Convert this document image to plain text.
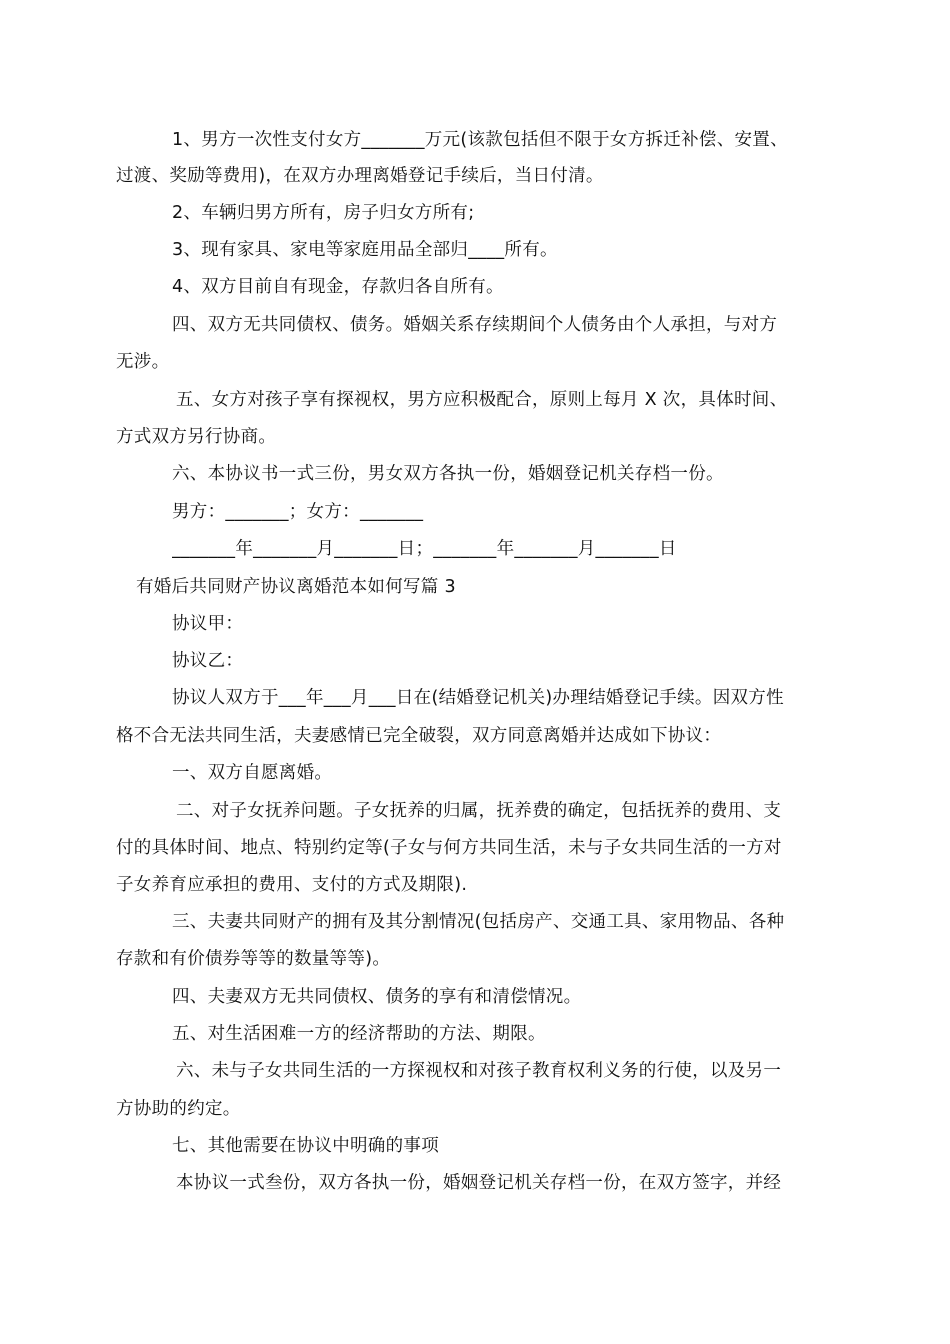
1、男方一次性支付女方_______万元(该款包括但不限于女方拆迁补偿、安置、
过渡、奖励等费用)，在双方办理离婚登记手续后，当日付清。
2、车辆归男方所有，房子归女方所有;
3、现有家具、家电等家庭用品全部归____所有。
4、双方目前自有现金，存款归各自所有。
四、双方无共同债权、债务。婚姻关系存续期间个人债务由个人承担，与对方
无涉。
五、女方对孩子享有探视权，男方应积极配合，原则上每月 X 次，具体时间、
方式双方另行协商。
六、本协议书一式三份，男女双方各执一份，婚姻登记机关存档一份。
男方：_______；女方：_______
_______年_______月_______日；_______年_______月_______日
有婚后共同财产协议离婚范本如何写篇 3
协议甲：
协议乙：
协议人双方于___年___月___日在(结婚登记机关)办理结婚登记手续。因双方性
格不合无法共同生活，夫妻感情已完全破裂，双方同意离婚并达成如下协议：
一、双方自愿离婚。
二、对子女抚养问题。子女抚养的归属，抚养费的确定，包括抚养的费用、支
付的具体时间、地点、特别约定等(子女与何方共同生活，未与子女共同生活的一方对
子女养育应承担的费用、支付的方式及期限).
三、夫妻共同财产的拥有及其分割情况(包括房产、交通工具、家用物品、各种
存款和有价债券等等的数量等等)。
四、夫妻双方无共同债权、债务的享有和清偿情况。
五、对生活困难一方的经济帮助的方法、期限。
六、未与子女共同生活的一方探视权和对孩子教育权利义务的行使，以及另一
方协助的约定。
七、其他需要在协议中明确的事项
本协议一式叁份，双方各执一份，婚姻登记机关存档一份，在双方签字，并经
